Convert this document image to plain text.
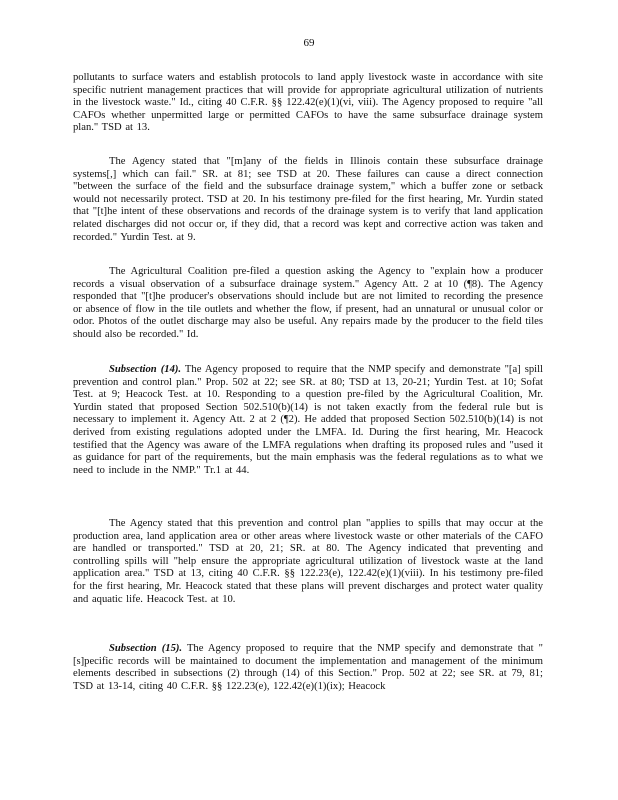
69

pollutants to surface waters and establish protocols to land apply livestock waste in accordance with site specific nutrient management practices that will provide for appropriate agricultural utilization of nutrients in the livestock waste." Id., citing 40 C.F.R. §§ 122.42(e)(1)(vi, viii). The Agency proposed to require "all CAFOs whether unpermitted large or permitted CAFOs to have the same subsurface drainage system plan." TSD at 13.

The Agency stated that "[m]any of the fields in Illinois contain these subsurface drainage systems[,] which can fail." SR. at 81; see TSD at 20. These failures can cause a direct connection "between the surface of the field and the subsurface drainage system," which a buffer zone or setback would not necessarily protect. TSD at 20. In his testimony pre-filed for the first hearing, Mr. Yurdin stated that "[t]he intent of these observations and records of the drainage system is to verify that land application related discharges did not occur or, if they did, that a record was kept and corrective action was taken and recorded." Yurdin Test. at 9.

The Agricultural Coalition pre-filed a question asking the Agency to "explain how a producer records a visual observation of a subsurface drainage system." Agency Att. 2 at 10 (¶8). The Agency responded that "[t]he producer's observations should include but are not limited to recording the presence or absence of flow in the tile outlets and whether the flow, if present, had an unnatural or unusual color or odor. Photos of the outlet discharge may also be useful. Any repairs made by the producer to the field tiles should also be recorded." Id.

Subsection (14). The Agency proposed to require that the NMP specify and demonstrate "[a] spill prevention and control plan." Prop. 502 at 22; see SR. at 80; TSD at 13, 20-21; Yurdin Test. at 10; Sofat Test. at 9; Heacock Test. at 10. Responding to a question pre-filed by the Agricultural Coalition, Mr. Yurdin stated that proposed Section 502.510(b)(14) is not taken exactly from the federal rule but is necessary to implement it. Agency Att. 2 at 2 (¶2). He added that proposed Section 502.510(b)(14) is not derived from existing regulations adopted under the LMFA. Id. During the first hearing, Mr. Heacock testified that the Agency was aware of the LMFA regulations when drafting its proposed rules and "used it as guidance for part of the requirements, but the main emphasis was the federal regulations as to what we need to include in the NMP." Tr.1 at 44.

The Agency stated that this prevention and control plan "applies to spills that may occur at the production area, land application area or other areas where livestock waste or other materials of the CAFO are handled or transported." TSD at 20, 21; SR. at 80. The Agency indicated that preventing and controlling spills will "help ensure the appropriate agricultural utilization of livestock waste at the land application area." TSD at 13, citing 40 C.F.R. §§ 122.23(e), 122.42(e)(1)(viii). In his testimony pre-filed for the first hearing, Mr. Heacock stated that these plans will prevent discharges and protect water quality and aquatic life. Heacock Test. at 10.

Subsection (15). The Agency proposed to require that the NMP specify and demonstrate that "[s]pecific records will be maintained to document the implementation and management of the minimum elements described in subsections (2) through (14) of this Section." Prop. 502 at 22; see SR. at 79, 81; TSD at 13-14, citing 40 C.F.R. §§ 122.23(e), 122.42(e)(1)(ix); Heacock
